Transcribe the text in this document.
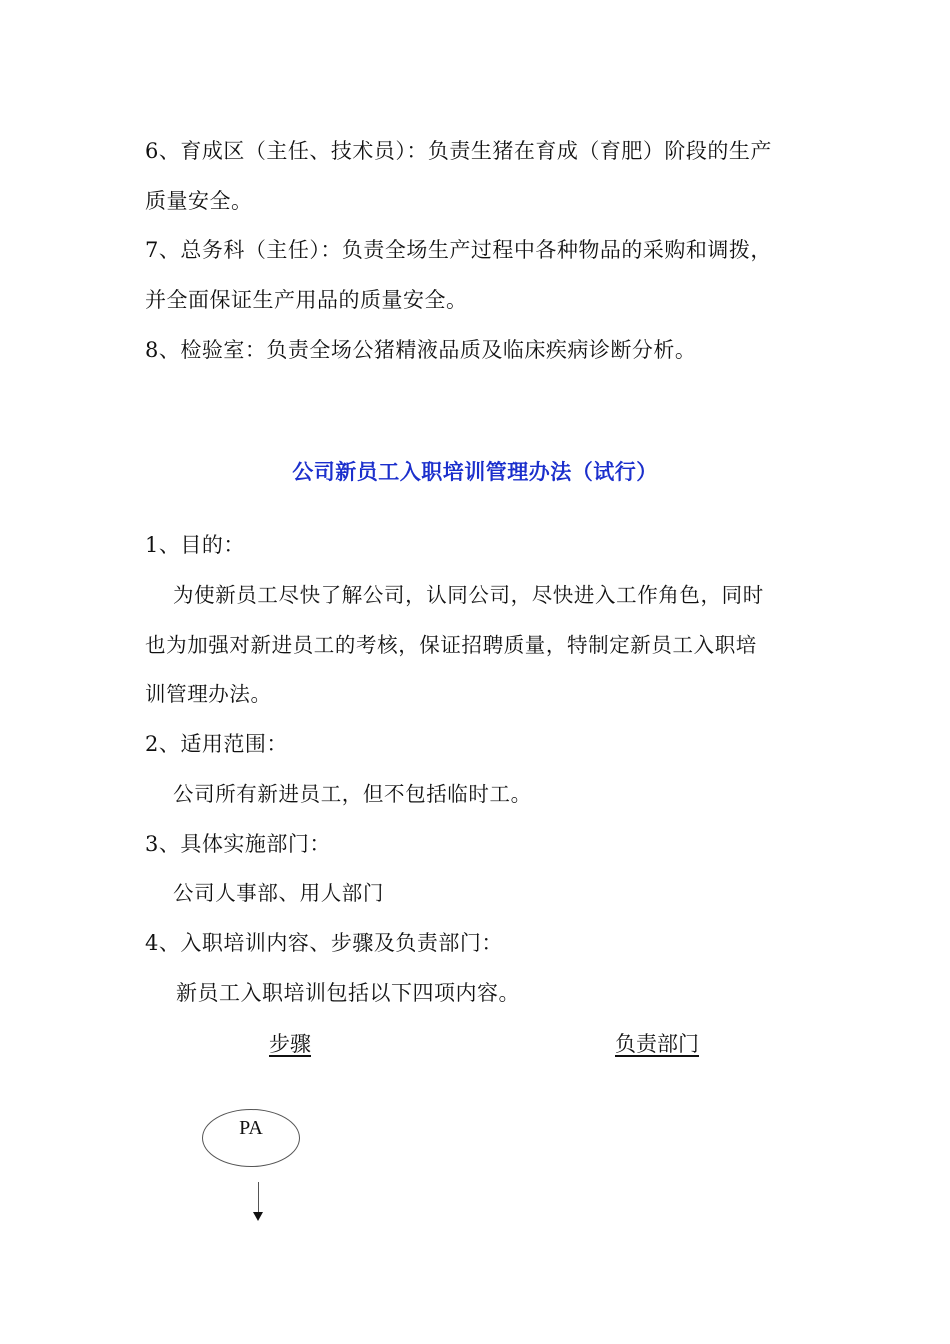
6、育成区（主任、技术员）：负责生猪在育成（育肥）阶段的生产
质量安全。
7、总务科（主任）：负责全场生产过程中各种物品的采购和调拨，
并全面保证生产用品的质量安全。
8、检验室：负责全场公猪精液品质及临床疾病诊断分析。
公司新员工入职培训管理办法（试行）
1、目的：
为使新员工尽快了解公司，认同公司，尽快进入工作角色，同时
也为加强对新进员工的考核，保证招聘质量，特制定新员工入职培
训管理办法。
2、适用范围：
公司所有新进员工，但不包括临时工。
3、具体实施部门：
公司人事部、用人部门
4、入职培训内容、步骤及负责部门：
新员工入职培训包括以下四项内容。
步骤	负责部门
PA
